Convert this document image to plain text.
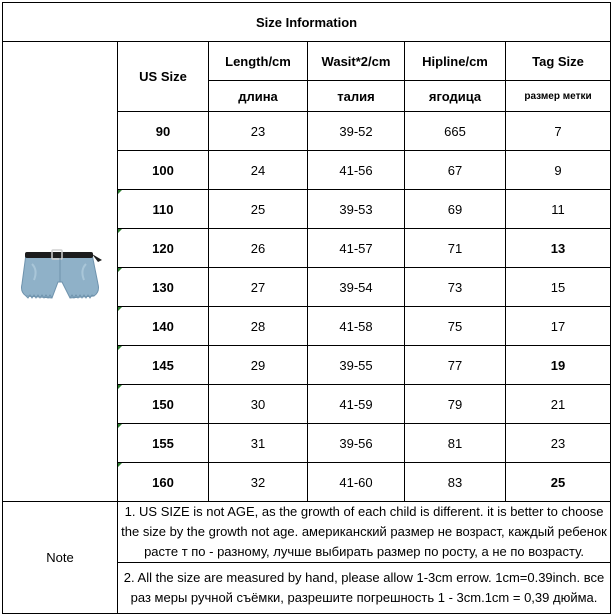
Size Information					

	US Size	Length/cm	Wasit*2/cm	Hipline/cm	Tag Size
		длина	талия	ягодица	размер метки
	90	23	39-52	665	7
	100	24	41-56	67	9

110	25	39-53	69	11

120	26	41-57	71	13

130	27	39-54	73	15

140	28	41-58	75	17

145	29	39-55	77	19

150	30	41-59	79	21

155	31	39-56	81	23

160	32	41-60	83	25
Note	1. US SIZE is not AGE, as the growth of each child is different. it is better to choose the size by the growth not age. американский размер не возраст, каждый ребенок расте т по - разному, лучше выбирать размер по росту, а не по возрасту.				
	2. All the size are measured by hand, please allow 1-3cm errow. 1cm=0.39inch. все раз меры ручной съёмки, разрешите погрешность 1 - 3cm.1cm = 0,39 дюйма.				
